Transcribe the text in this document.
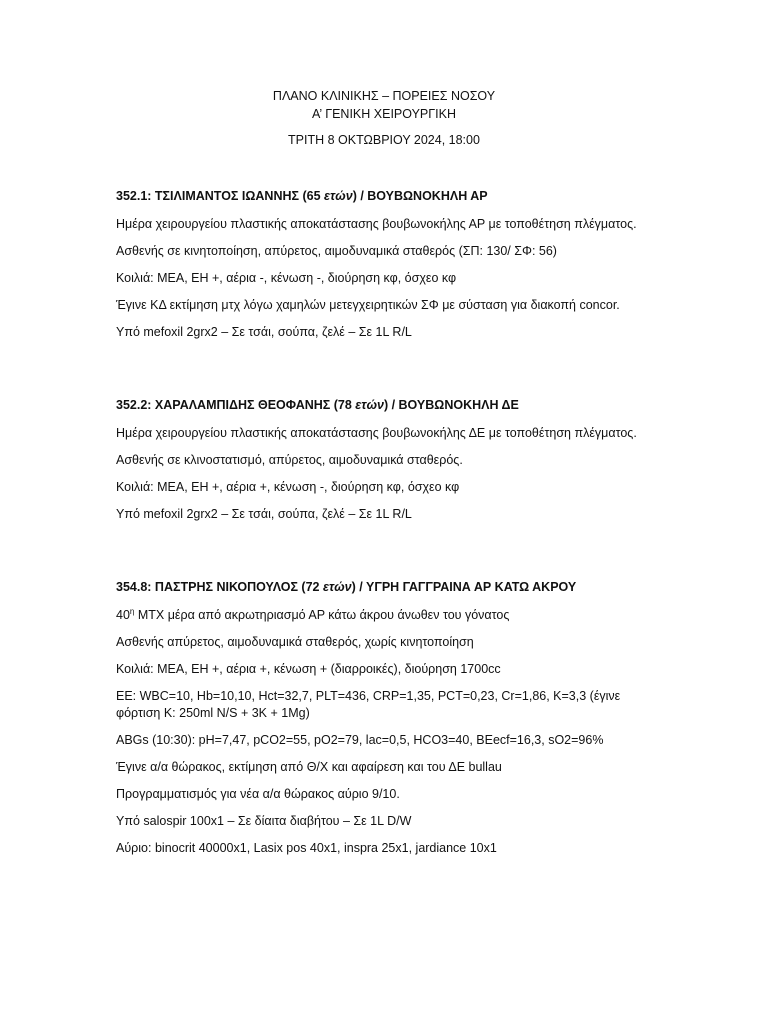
ΠΛΑΝΟ ΚΛΙΝΙΚΗΣ – ΠΟΡΕΙΕΣ ΝΟΣΟΥ
Α’ ΓΕΝΙΚΗ ΧΕΙΡΟΥΡΓΙΚΗ
ΤΡΙΤΗ 8 ΟΚΤΩΒΡΙΟΥ 2024, 18:00
352.1: ΤΣΙΛΙΜΑΝΤΟΣ ΙΩΑΝΝΗΣ (65 ετών) / ΒΟΥΒΩΝΟΚΗΛΗ ΑΡ

Ημέρα χειρουργείου πλαστικής αποκατάστασης βουβωνοκήλης ΑΡ με τοποθέτηση πλέγματος.

Ασθενής σε κινητοποίηση, απύρετος, αιμοδυναμικά σταθερός (ΣΠ: 130/ ΣΦ: 56)

Κοιλιά: ΜΕΑ, ΕΗ +, αέρια -, κένωση -, διούρηση κφ, όσχεο κφ

Έγινε ΚΔ εκτίμηση μτχ λόγω χαμηλών μετεγχειρητικών ΣΦ με σύσταση για διακοπή concor.

Υπό mefoxil 2grx2 – Σε τσάι, σούπα, ζελέ – Σε 1L R/L

352.2: ΧΑΡΑΛΑΜΠΙΔΗΣ ΘΕΟΦΑΝΗΣ (78 ετών) / ΒΟΥΒΩΝΟΚΗΛΗ ΔΕ

Ημέρα χειρουργείου πλαστικής αποκατάστασης βουβωνοκήλης ΔΕ με τοποθέτηση πλέγματος.

Ασθενής σε κλινοστατισμό, απύρετος, αιμοδυναμικά σταθερός.

Κοιλιά: ΜΕΑ, ΕΗ +, αέρια +, κένωση -, διούρηση κφ, όσχεο κφ

Υπό mefoxil 2grx2 – Σε τσάι, σούπα, ζελέ – Σε 1L R/L

354.8: ΠΑΣΤΡΗΣ ΝΙΚΟΠΟΥΛΟΣ (72 ετών) / ΥΓΡΗ ΓΑΓΓΡΑΙΝΑ ΑΡ ΚΑΤΩ ΑΚΡΟΥ

$40^\eta$ ΜΤΧ μέρα από ακρωτηριασμό ΑΡ κάτω άκρου άνωθεν του γόνατος

Ασθενής απύρετος, αιμοδυναμικά σταθερός, χωρίς κινητοποίηση

Κοιλιά: ΜΕΑ, ΕΗ +, αέρια +, κένωση + (διαρροικές), διούρηση 1700cc

ΕΕ: WBC=10, Hb=10,10, Hct=32,7, PLT=436, CRP=1,35, PCT=0,23, Cr=1,86, K=3,3 (έγινε φόρτιση Κ: 250ml N/S + 3K + 1Mg)

ABGs (10:30): pH=7,47, pCO2=55, pO2=79, lac=0,5, HCO3=40, BEecf=16,3, sO2=96%

Έγινε α/α θώρακος, εκτίμηση από Θ/Χ και αφαίρεση και του ΔΕ bullau

Προγραμματισμός για νέα α/α θώρακος αύριο 9/10.

Υπό salospir 100x1 – Σε δίαιτα διαβήτου – Σε 1L D/W

Αύριο: binocrit 40000x1, Lasix pos 40x1, inspra 25x1, jardiance 10x1
